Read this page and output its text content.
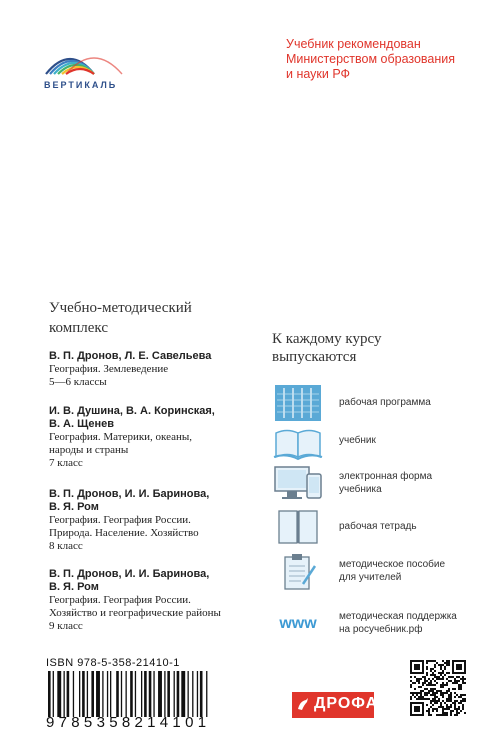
ВЕРТИКАЛЬ
Учебник рекомендован
Министерством образования
и науки РФ
Учебно-методический
комплекс
В. П. Дронов, Л. Е. Савельева
География. Землеведение
5—6 классы
И. В. Душина, В. А. Коринская,
В. А. Щенев
География. Материки, океаны,
народы и страны
7 класс
В. П. Дронов, И. И. Баринова,
В. Я. Ром
География. География России.
Природа. Население. Хозяйство
8 класс
В. П. Дронов, И. И. Баринова,
В. Я. Ром
География. География России.
Хозяйство и географические районы
9 класс
К каждому курсу
выпускаются
рабочая программа
учебник
электронная форма
учебника
рабочая тетрадь
методическое пособие
для учителей
www методическая поддержка
на росучебник.рф
ISBN 978-5-358-21410-1
9785358214101
ДРОФА
